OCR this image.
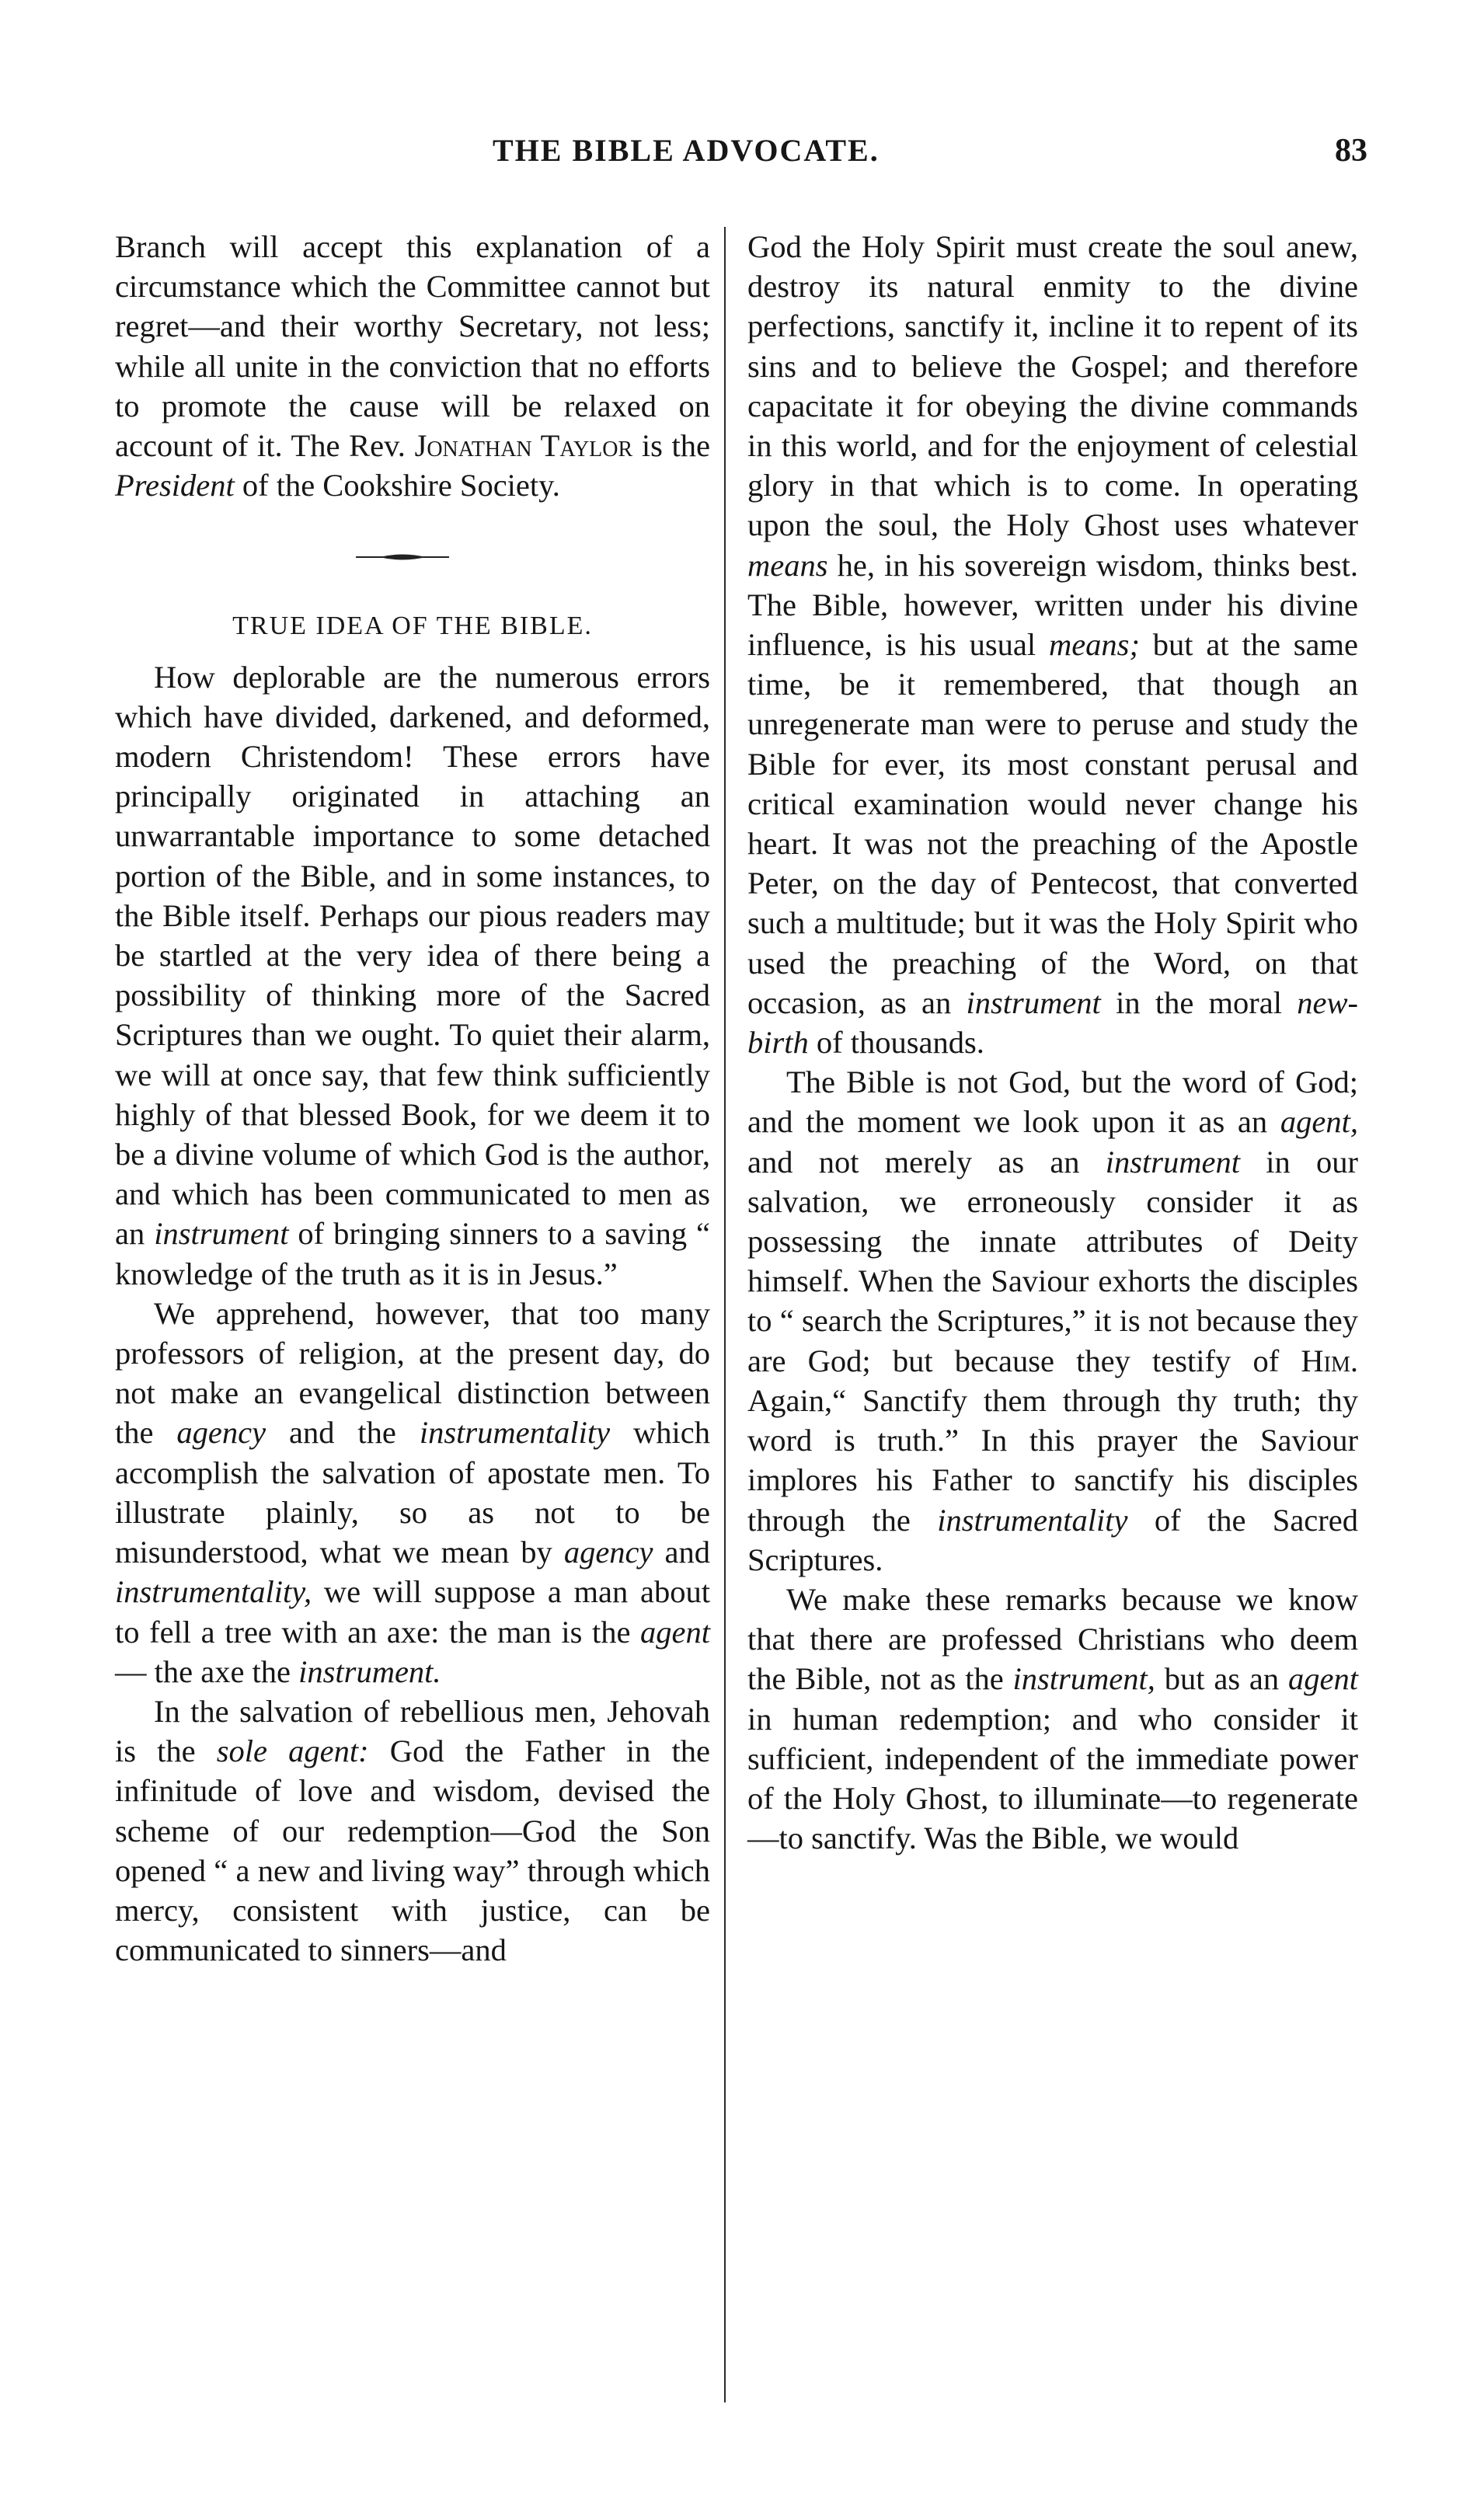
THE BIBLE ADVOCATE.	83

Branch will accept this explanation of a circumstance which the Committee cannot but regret—and their worthy Secretary, not less; while all unite in the conviction that no efforts to promote the cause will be relaxed on account of it. The Rev. Jonathan Taylor is the President of the Cookshire Society.

TRUE IDEA OF THE BIBLE.

How deplorable are the numerous errors which have divided, darkened, and deformed, modern Christendom! These errors have principally originated in attaching an unwarrantable importance to some detached portion of the Bible, and in some instances, to the Bible itself. Perhaps our pious readers may be startled at the very idea of there being a possibility of thinking more of the Sacred Scriptures than we ought. To quiet their alarm, we will at once say, that few think sufficiently highly of that blessed Book, for we deem it to be a divine volume of which God is the author, and which has been communicated to men as an instrument of bringing sinners to a saving “ knowledge of the truth as it is in Jesus.”

We apprehend, however, that too many professors of religion, at the present day, do not make an evangelical distinction between the agency and the instrumentality which accomplish the salvation of apostate men. To illustrate plainly, so as not to be misunderstood, what we mean by agency and instrumentality, we will suppose a man about to fell a tree with an axe: the man is the agent— the axe the instrument.

In the salvation of rebellious men, Jehovah is the sole agent: God the Father in the infinitude of love and wisdom, devised the scheme of our redemption—God the Son opened “ a new and living way” through which mercy, consistent with justice, can be communicated to sinners—and

God the Holy Spirit must create the soul anew, destroy its natural enmity to the divine perfections, sanctify it, incline it to repent of its sins and to believe the Gospel; and therefore capacitate it for obeying the divine commands in this world, and for the enjoyment of celestial glory in that which is to come. In operating upon the soul, the Holy Ghost uses whatever means he, in his sovereign wisdom, thinks best. The Bible, however, written under his divine influence, is his usual means; but at the same time, be it remembered, that though an unregenerate man were to peruse and study the Bible for ever, its most constant perusal and critical examination would never change his heart. It was not the preaching of the Apostle Peter, on the day of Pentecost, that converted such a multitude; but it was the Holy Spirit who used the preaching of the Word, on that occasion, as an instrument in the moral new-birth of thousands.

The Bible is not God, but the word of God; and the moment we look upon it as an agent, and not merely as an instrument in our salvation, we erroneously consider it as possessing the innate attributes of Deity himself. When the Saviour exhorts the disciples to “ search the Scriptures,” it is not because they are God; but because they testify of Him. Again,“ Sanctify them through thy truth; thy word is truth.” In this prayer the Saviour implores his Father to sanctify his disciples through the instrumentality of the Sacred Scriptures.

We make these remarks because we know that there are professed Christians who deem the Bible, not as the instrument, but as an agent in human redemption; and who consider it sufficient, independent of the immediate power of the Holy Ghost, to illuminate—to regenerate—to sanctify. Was the Bible, we would
